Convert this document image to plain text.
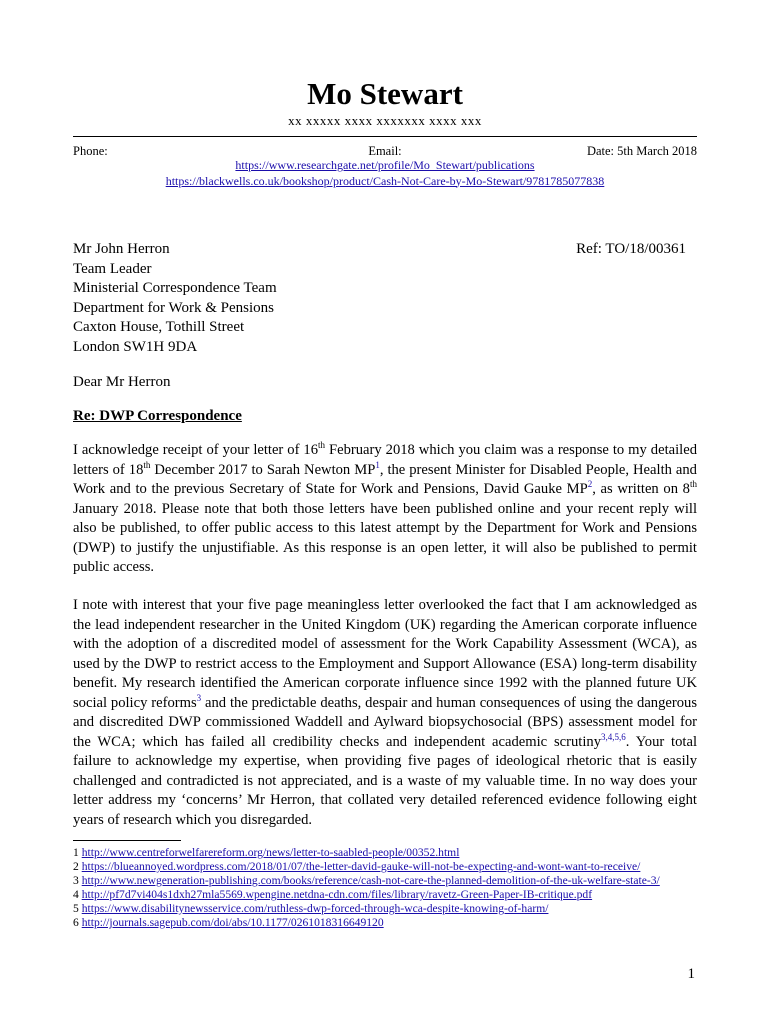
Mo Stewart
xx xxxxx xxxx xxxxxxx xxxx xxx
Phone:	Email:	Date: 5th March 2018
https://www.researchgate.net/profile/Mo_Stewart/publications
https://blackwells.co.uk/bookshop/product/Cash-Not-Care-by-Mo-Stewart/9781785077838
Mr John Herron
Team Leader
Ministerial Correspondence Team
Department for Work & Pensions
Caxton House, Tothill Street
London SW1H 9DA
Ref: TO/18/00361
Dear Mr Herron
Re: DWP Correspondence
I acknowledge receipt of your letter of 16th February 2018 which you claim was a response to my detailed letters of 18th December 2017 to Sarah Newton MP$^1$, the present Minister for Disabled People, Health and Work and to the previous Secretary of State for Work and Pensions, David Gauke MP$^2$, as written on 8th January 2018. Please note that both those letters have been published online and your recent reply will also be published, to offer public access to this latest attempt by the Department for Work and Pensions (DWP) to justify the unjustifiable. As this response is an open letter, it will also be published to permit public access.
I note with interest that your five page meaningless letter overlooked the fact that I am acknowledged as the lead independent researcher in the United Kingdom (UK) regarding the American corporate influence with the adoption of a discredited model of assessment for the Work Capability Assessment (WCA), as used by the DWP to restrict access to the Employment and Support Allowance (ESA) long-term disability benefit. My research identified the American corporate influence since 1992 with the planned future UK social policy reforms$^3$ and the predictable deaths, despair and human consequences of using the dangerous and discredited DWP commissioned Waddell and Aylward biopsychosocial (BPS) assessment model for the WCA; which has failed all credibility checks and independent academic scrutiny$^{3,4,5,6}$. Your total failure to acknowledge my expertise, when providing five pages of ideological rhetoric that is easily challenged and contradicted is not appreciated, and is a waste of my valuable time. In no way does your letter address my ‘concerns’ Mr Herron, that collated very detailed referenced evidence following eight years of research which you disregarded.
1 http://www.centreforwelfarereform.org/news/letter-to-saabled-people/00352.html
2 https://blueannoyed.wordpress.com/2018/01/07/the-letter-david-gauke-will-not-be-expecting-and-wont-want-to-receive/
3 http://www.newgeneration-publishing.com/books/reference/cash-not-care-the-planned-demolition-of-the-uk-welfare-state-3/
4 http://pf7d7vi404s1dxh27mla5569.wpengine.netdna-cdn.com/files/library/ravetz-Green-Paper-IB-critique.pdf
5 https://www.disabilitynewsservice.com/ruthless-dwp-forced-through-wca-despite-knowing-of-harm/
6 http://journals.sagepub.com/doi/abs/10.1177/0261018316649120
1
